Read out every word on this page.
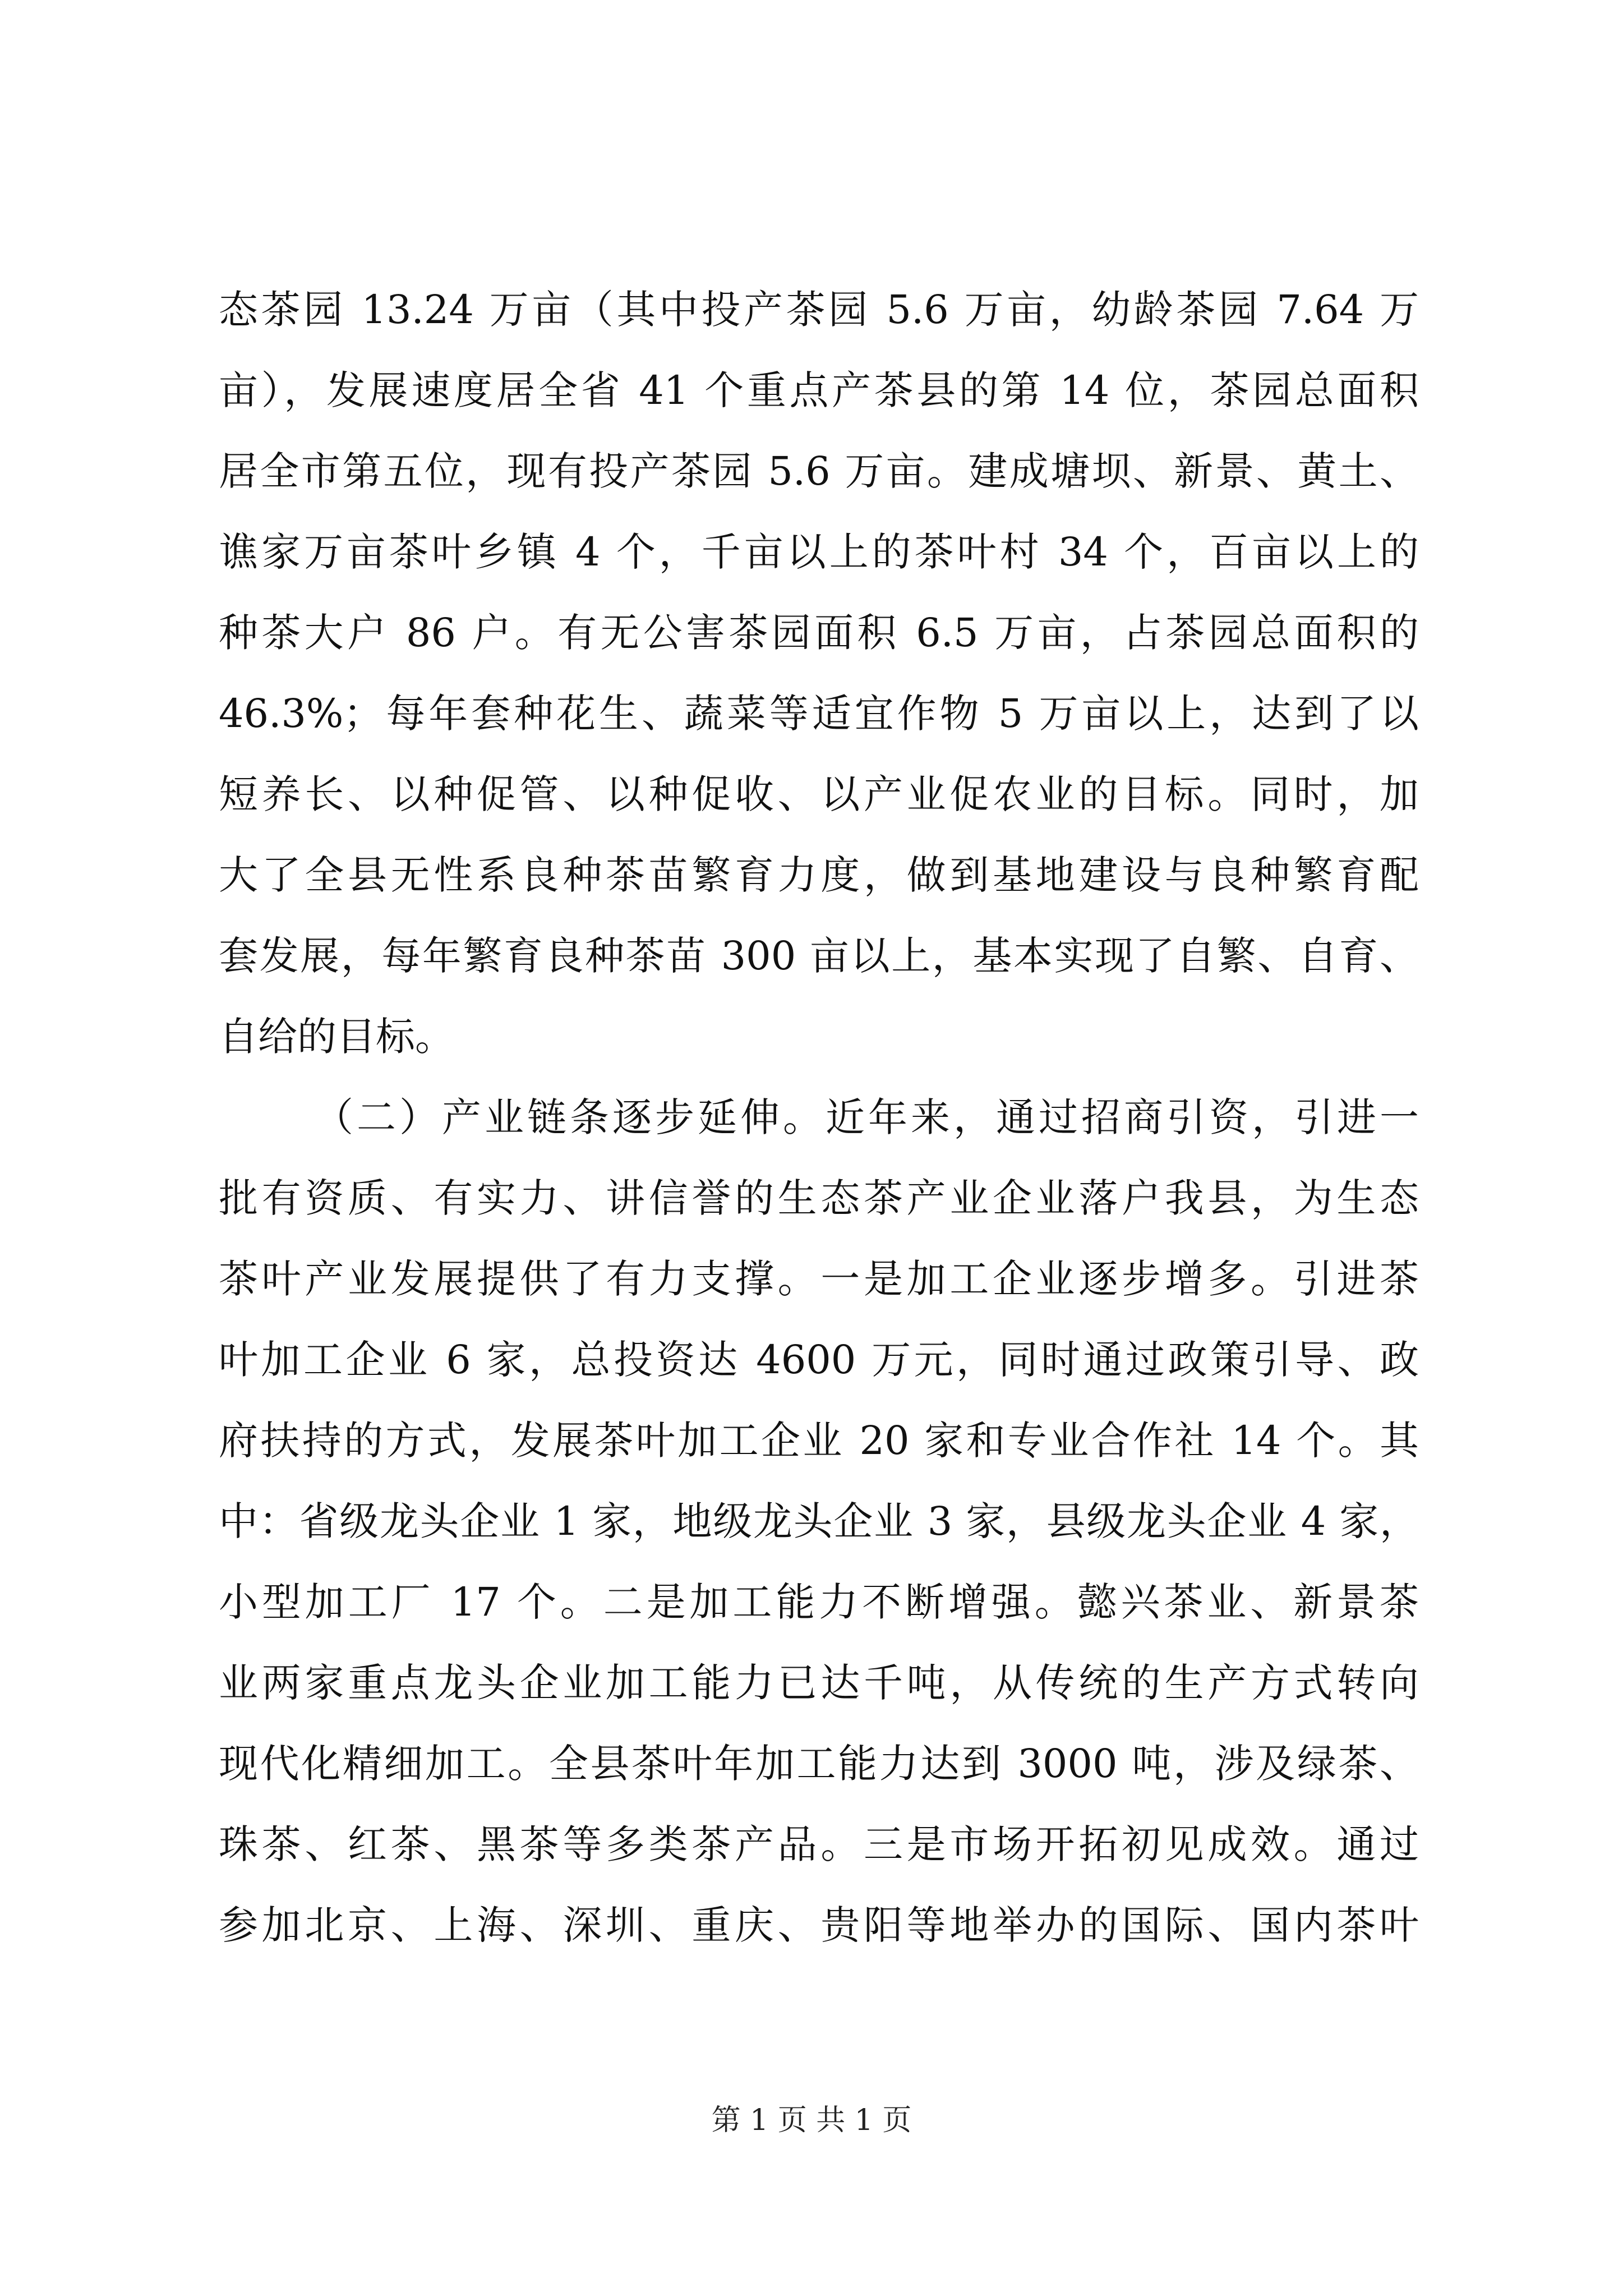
态茶园 13.24 万亩（其中投产茶园 5.6 万亩，幼龄茶园 7.64 万
亩），发展速度居全省 41 个重点产茶县的第 14 位，茶园总面积
居全市第五位，现有投产茶园 5.6 万亩。建成塘坝、新景、黄土、
谯家万亩茶叶乡镇 4 个，千亩以上的茶叶村 34 个，百亩以上的
种茶大户 86 户。有无公害茶园面积 6.5 万亩，占茶园总面积的
46.3%；每年套种花生、蔬菜等适宜作物 5 万亩以上，达到了以
短养长、以种促管、以种促收、以产业促农业的目标。同时，加
大了全县无性系良种茶苗繁育力度，做到基地建设与良种繁育配
套发展，每年繁育良种茶苗 300 亩以上，基本实现了自繁、自育、
自给的目标。
（二）产业链条逐步延伸。近年来，通过招商引资，引进一
批有资质、有实力、讲信誉的生态茶产业企业落户我县，为生态
茶叶产业发展提供了有力支撑。一是加工企业逐步增多。引进茶
叶加工企业 6 家，总投资达 4600 万元，同时通过政策引导、政
府扶持的方式，发展茶叶加工企业 20 家和专业合作社 14 个。其
中：省级龙头企业 1 家，地级龙头企业 3 家，县级龙头企业 4 家，
小型加工厂 17 个。二是加工能力不断增强。懿兴茶业、新景茶
业两家重点龙头企业加工能力已达千吨，从传统的生产方式转向
现代化精细加工。全县茶叶年加工能力达到 3000 吨，涉及绿茶、
珠茶、红茶、黑茶等多类茶产品。三是市场开拓初见成效。通过
参加北京、上海、深圳、重庆、贵阳等地举办的国际、国内茶叶
第 1 页 共 1 页
